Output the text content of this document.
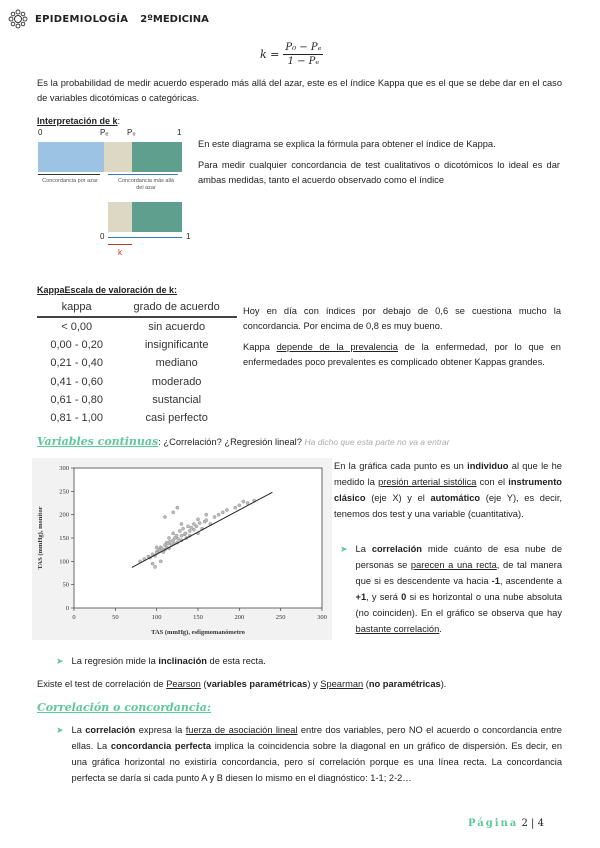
EPIDEMIOLOGÍA 2ºMEDICINA
$k = \frac{\text{P₀ − Pₑ}}{\text{1 − Pₑ}}$
Es la probabilidad de medir acuerdo esperado más allá del azar, este es el índice Kappa que es el que se debe dar en el caso de variables dicotómicas o categóricas.
Interpretación de k:
0	Pₑ P₀	1
Concordancia por azar	Concordancia más allá del azar
0	1
k
En este diagrama se explica la fórmula para obtener el índice de Kappa.
Para medir cualquier concordancia de test cualitativos o dicotómicos lo ideal es dar ambas medidas, tanto el acuerdo observado como el índice
KappaEscala de valoración de k:
kappa	grado de acuerdo
< 0,00	sin acuerdo
0,00 - 0,20	insignificante
0,21 - 0,40	mediano
0,41 - 0,60	moderado
0,61 - 0,80	sustancial
0,81 - 1,00	casi perfecto
Hoy en día con índices por debajo de 0,6 se cuestiona mucho la concordancia. Por encima de 0,8 es muy bueno.
Kappa depende de la prevalencia de la enfermedad, por lo que en enfermedades poco prevalentes es complicado obtener Kappas grandes.
Variables continuas: ¿Correlación? ¿Regresión lineal? Ha dicho que esta parte no va a entrar
0	50	100	150	200	250	300
0
50
100
150
200
250
300
TAS (mmHg), esfigmomanómetro
TAS (mmHg), monitor
En la gráfica cada punto es un individuo al que le he medido la presión arterial sistólica con el instrumento clásico (eje X) y el automático (eje Y), es decir, tenemos dos test y una variable (cuantitativa).
➤ La correlación mide cuánto de esa nube de personas se parecen a una recta, de tal manera que si es descendente va hacia -1, ascendente a +1, y será 0 si es horizontal o una nube absoluta (no coinciden). En el gráfico se observa que hay bastante correlación.
➤ La regresión mide la inclinación de esta recta.
Existe el test de correlación de Pearson (variables paramétricas) y Spearman (no paramétricas).
Correlación o concordancia:
➤ La correlación expresa la fuerza de asociación lineal entre dos variables, pero NO el acuerdo o concordancia entre ellas. La concordancia perfecta implica la coincidencia sobre la diagonal en un gráfico de dispersión. Es decir, en una gráfica horizontal no existiría concordancia, pero sí correlación porque es una línea recta. La concordancia perfecta se daría si cada punto A y B diesen lo mismo en el diagnóstico: 1-1; 2-2…
Página 2 | 4
